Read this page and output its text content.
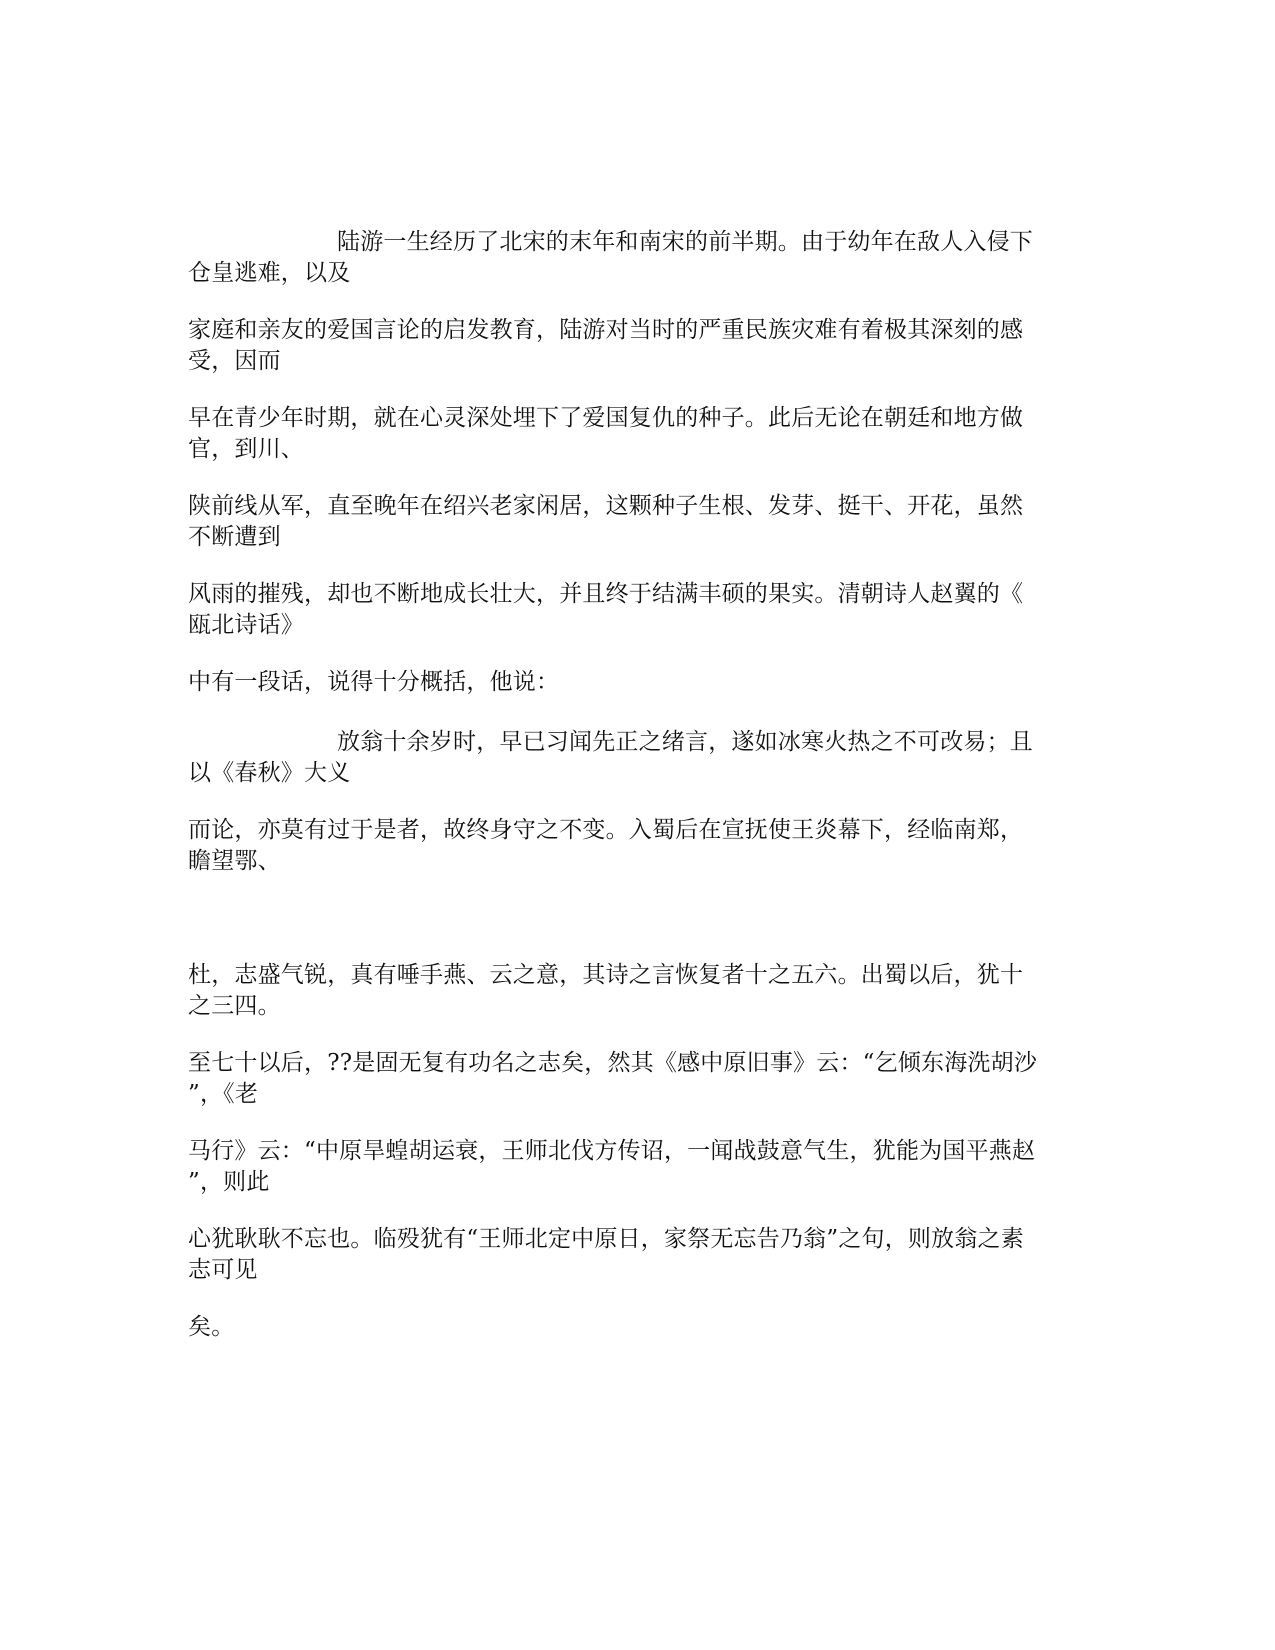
陆游一生经历了北宋的末年和南宋的前半期。由于幼年在敌人入侵下
仓皇逃难，以及
家庭和亲友的爱国言论的启发教育，陆游对当时的严重民族灾难有着极其深刻的感
受，因而
早在青少年时期，就在心灵深处埋下了爱国复仇的种子。此后无论在朝廷和地方做
官，到川、
陕前线从军，直至晚年在绍兴老家闲居，这颗种子生根、发芽、挺干、开花，虽然
不断遭到
风雨的摧残，却也不断地成长壮大，并且终于结满丰硕的果实。清朝诗人赵翼的《
瓯北诗话》
中有一段话，说得十分概括，他说：
放翁十余岁时，早已习闻先正之绪言，遂如冰寒火热之不可改易；且
以《春秋》大义
而论，亦莫有过于是者，故终身守之不变。入蜀后在宣抚使王炎幕下，经临南郑，
瞻望鄂、
杜，志盛气锐，真有唾手燕、云之意，其诗之言恢复者十之五六。出蜀以后，犹十
之三四。
至七十以后，??是固无复有功名之志矣，然其《感中原旧事》云：“乞倾东海洗胡沙
”，《老
马行》云：“中原旱蝗胡运衰，王师北伐方传诏，一闻战鼓意气生，犹能为国平燕赵
”，则此
心犹耿耿不忘也。临殁犹有“王师北定中原日，家祭无忘告乃翁”之句，则放翁之素
志可见
矣。
